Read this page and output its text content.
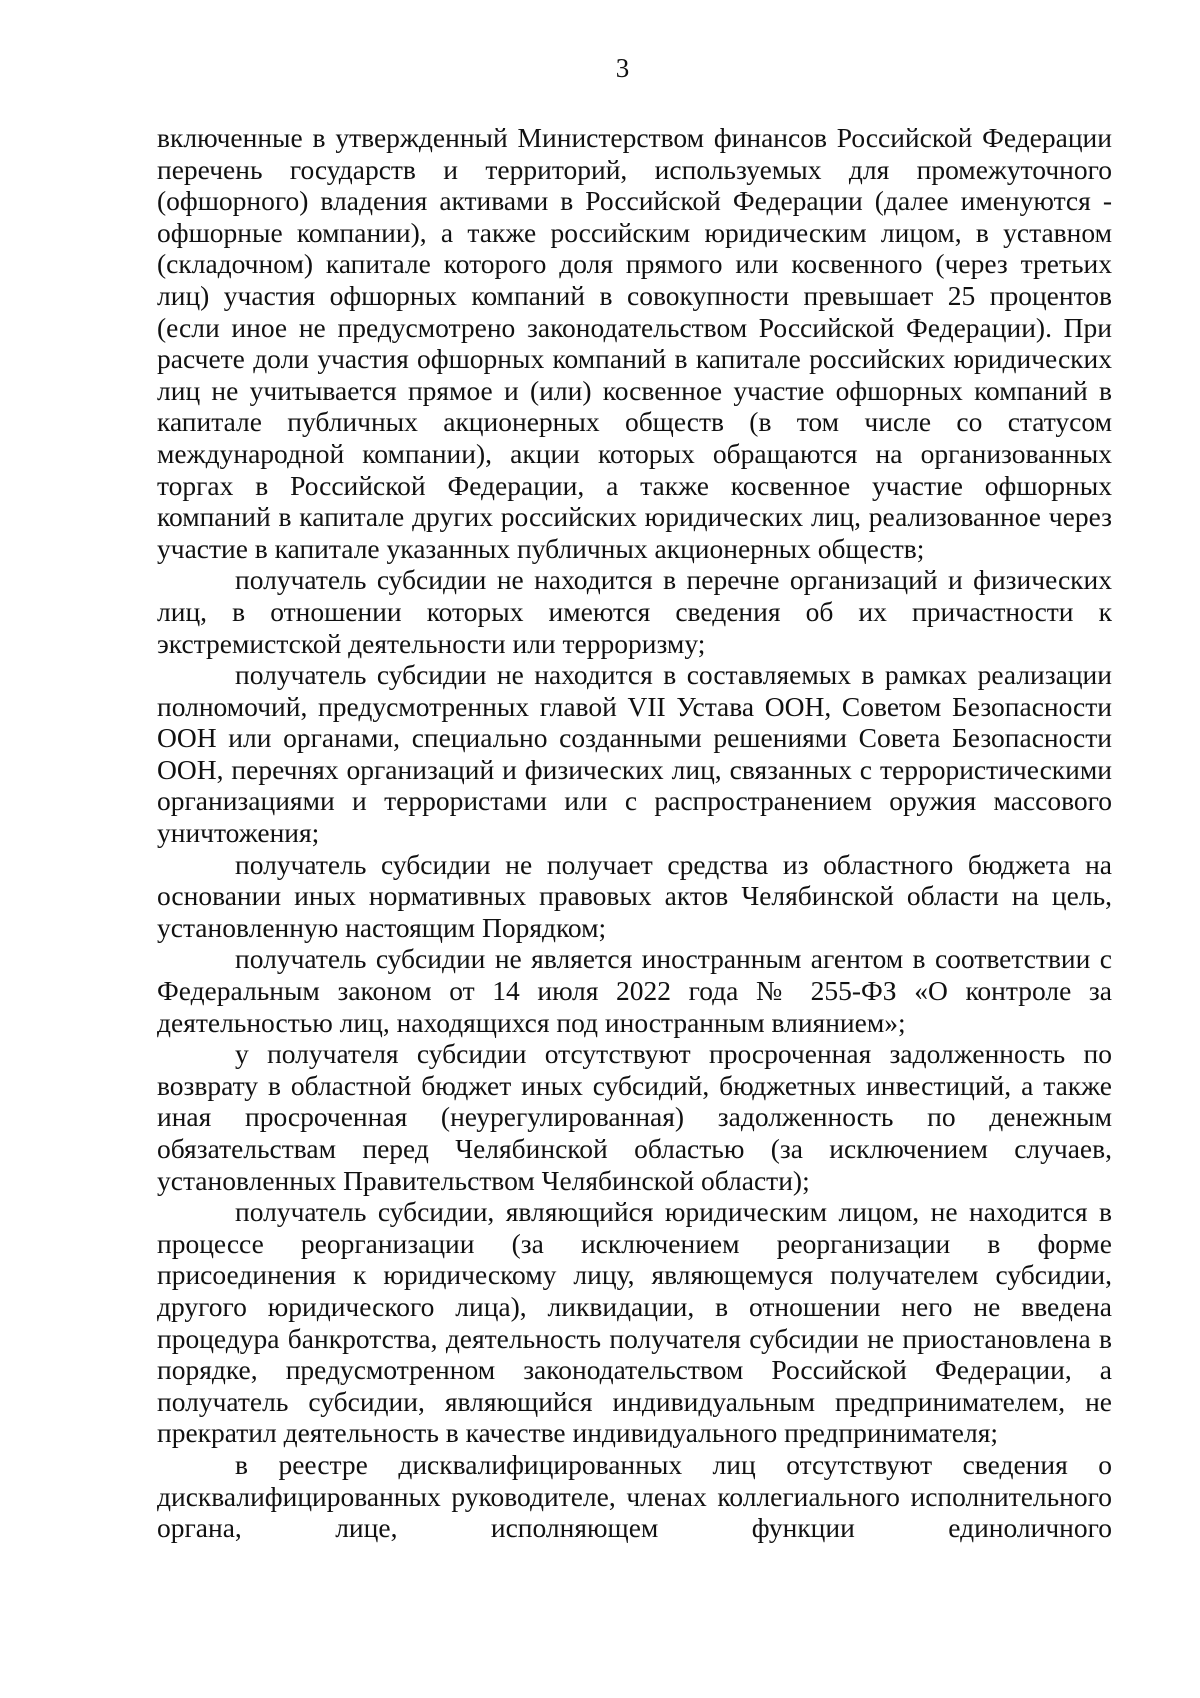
3

включенные в утвержденный Министерством финансов Российской Федерации перечень государств и территорий, используемых для промежуточного (офшорного) владения активами в Российской Федерации (далее именуются - офшорные компании), а также российским юридическим лицом, в уставном (складочном) капитале которого доля прямого или косвенного (через третьих лиц) участия офшорных компаний в совокупности превышает 25 процентов (если иное не предусмотрено законодательством Российской Федерации). При расчете доли участия офшорных компаний в капитале российских юридических лиц не учитывается прямое и (или) косвенное участие офшорных компаний в капитале публичных акционерных обществ (в том числе со статусом международной компании), акции которых обращаются на организованных торгах в Российской Федерации, а также косвенное участие офшорных компаний в капитале других российских юридических лиц, реализованное через участие в капитале указанных публичных акционерных обществ;

получатель субсидии не находится в перечне организаций и физических лиц, в отношении которых имеются сведения об их причастности к экстремистской деятельности или терроризму;

получатель субсидии не находится в составляемых в рамках реализации полномочий, предусмотренных главой VII Устава ООН, Советом Безопасности ООН или органами, специально созданными решениями Совета Безопасности ООН, перечнях организаций и физических лиц, связанных с террористическими организациями и террористами или с распространением оружия массового уничтожения;

получатель субсидии не получает средства из областного бюджета на основании иных нормативных правовых актов Челябинской области на цель, установленную настоящим Порядком;

получатель субсидии не является иностранным агентом в соответствии с Федеральным законом от 14 июля 2022 года № 255-ФЗ «О контроле за деятельностью лиц, находящихся под иностранным влиянием»;

у получателя субсидии отсутствуют просроченная задолженность по возврату в областной бюджет иных субсидий, бюджетных инвестиций, а также иная просроченная (неурегулированная) задолженность по денежным обязательствам перед Челябинской областью (за исключением случаев, установленных Правительством Челябинской области);

получатель субсидии, являющийся юридическим лицом, не находится в процессе реорганизации (за исключением реорганизации в форме присоединения к юридическому лицу, являющемуся получателем субсидии, другого юридического лица), ликвидации, в отношении него не введена процедура банкротства, деятельность получателя субсидии не приостановлена в порядке, предусмотренном законодательством Российской Федерации, а получатель субсидии, являющийся индивидуальным предпринимателем, не прекратил деятельность в качестве индивидуального предпринимателя;

в реестре дисквалифицированных лиц отсутствуют сведения о дисквалифицированных руководителе, членах коллегиального исполнительного органа, лице, исполняющем функции единоличного
